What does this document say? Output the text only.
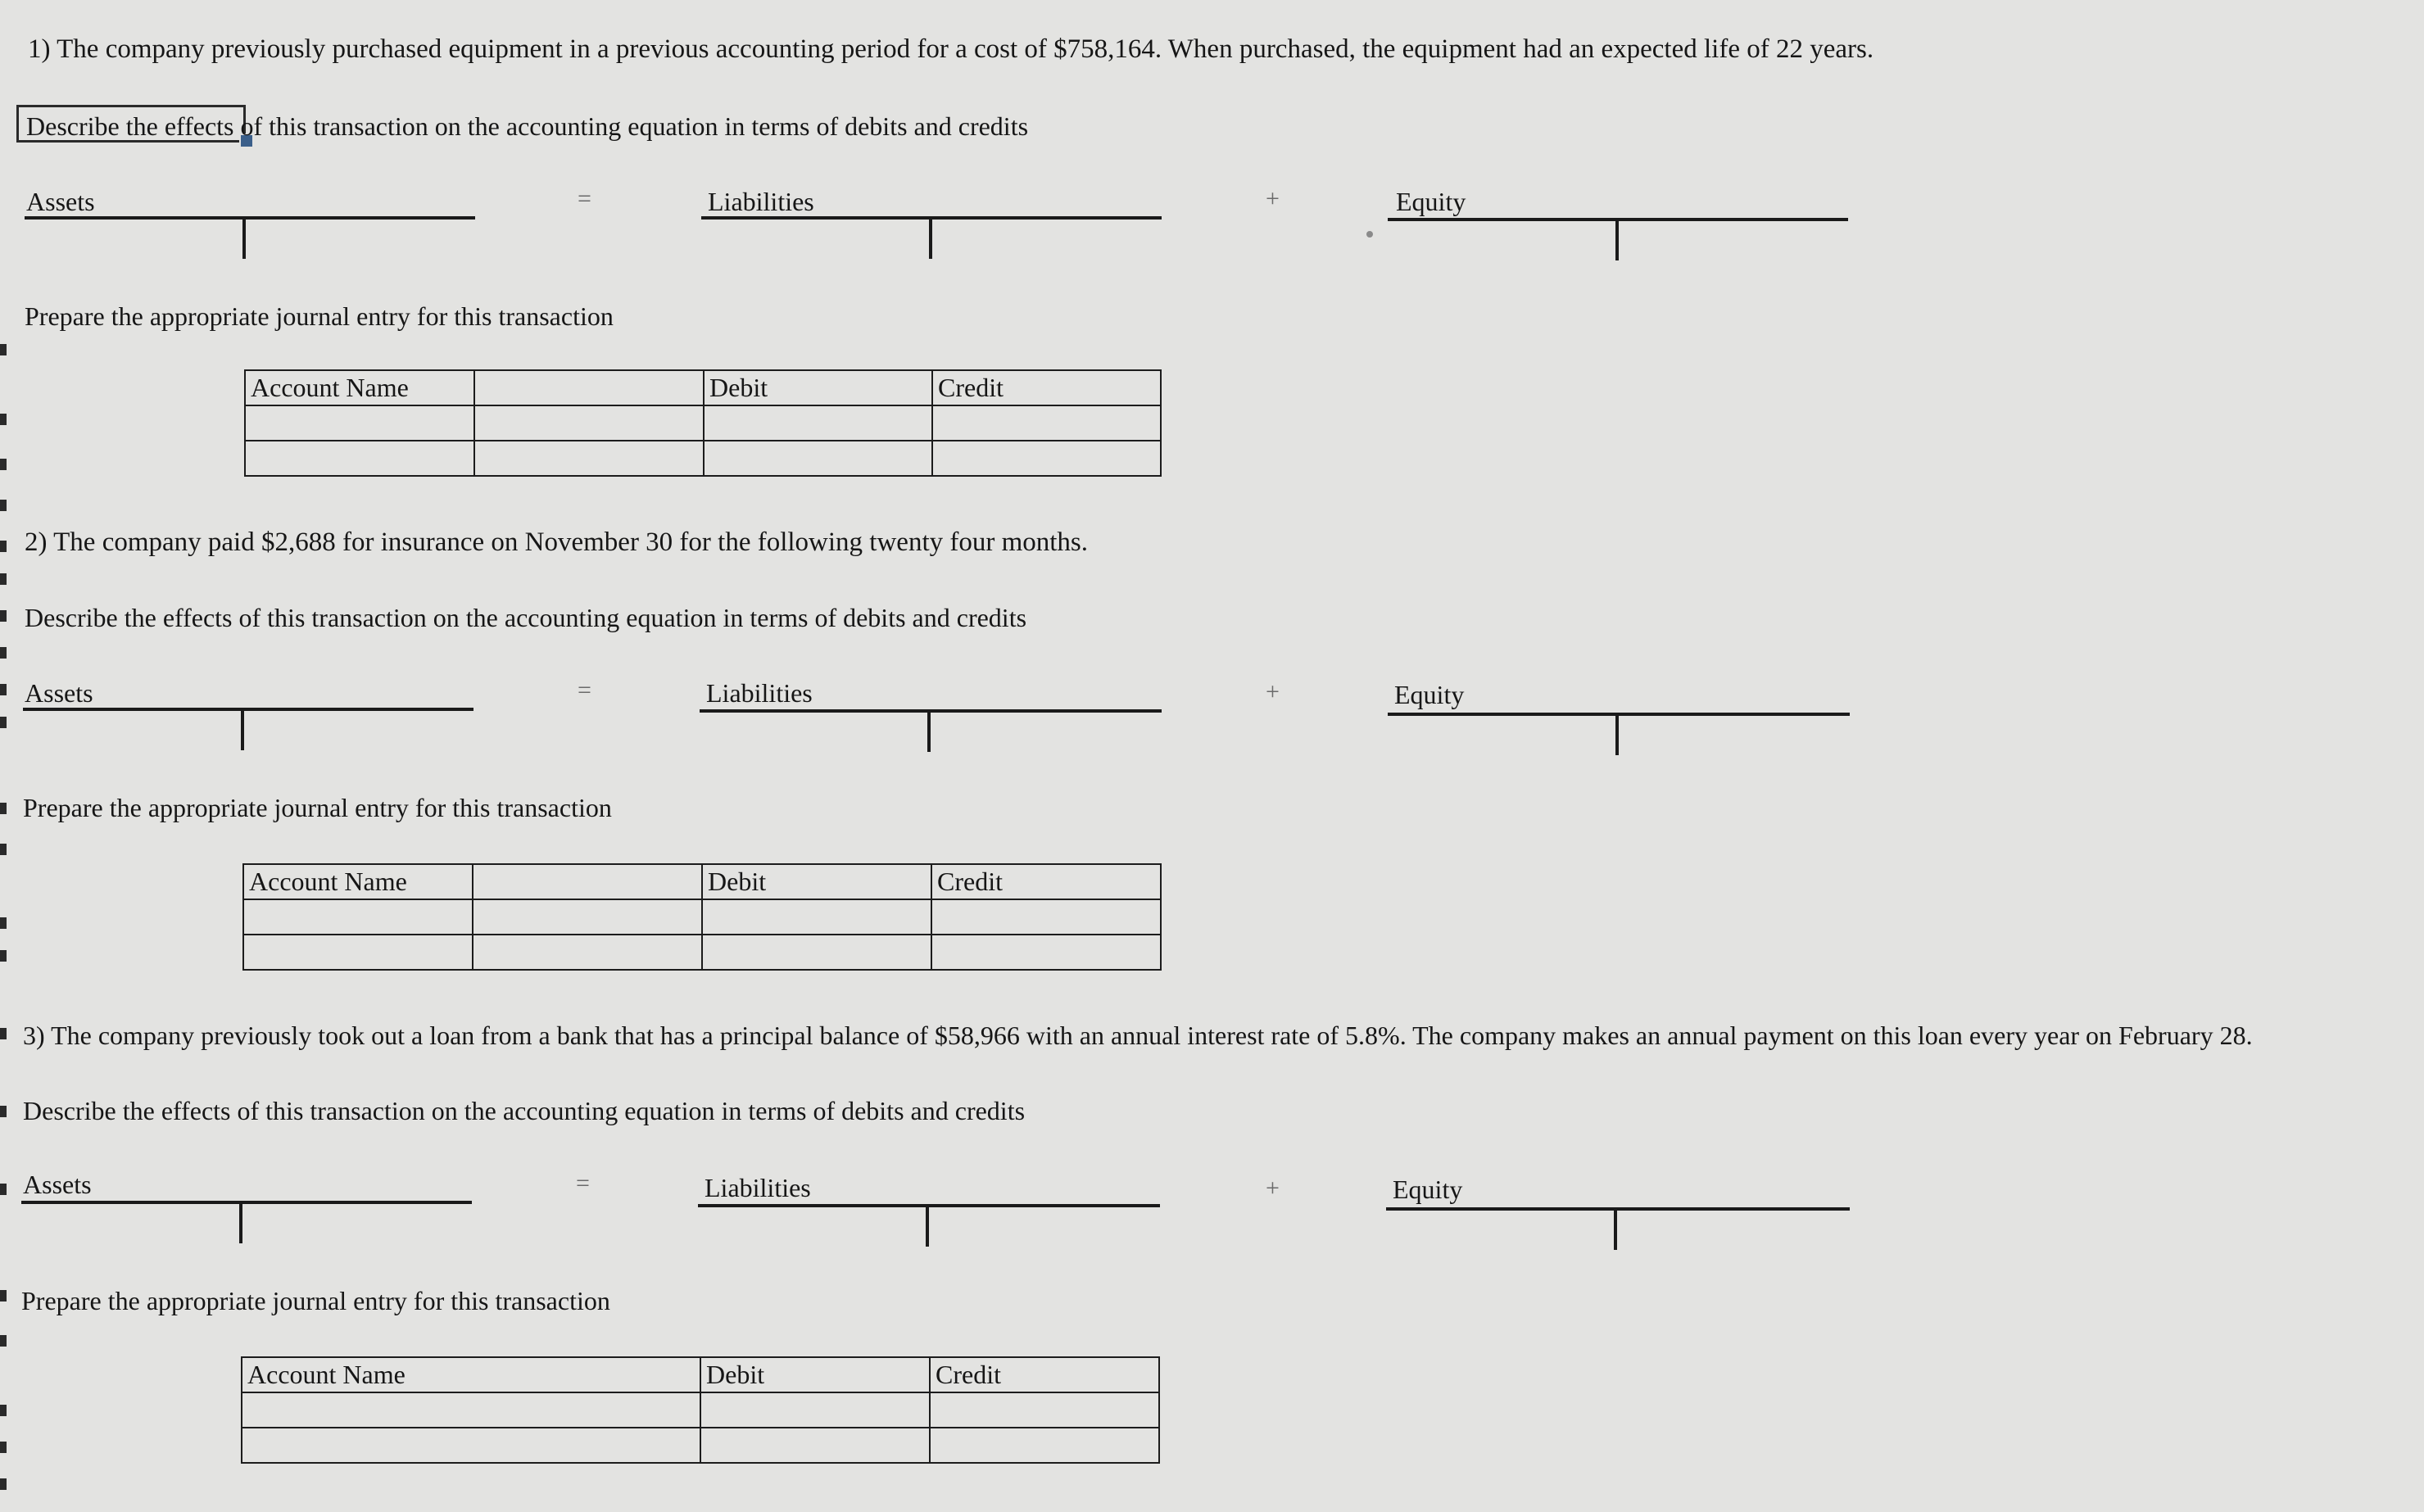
1) The company previously purchased equipment in a previous accounting period for a cost of $758,164. When purchased, the equipment had an expected life of 22 years.
Describe the effects of this transaction on the accounting equation in terms of debits and credits
Assets	=	Liabilities	+	Equity
Prepare the appropriate journal entry for this transaction
Account Name		Debit	Credit

2) The company paid $2,688 for insurance on November 30 for the following twenty four months.
Describe the effects of this transaction on the accounting equation in terms of debits and credits
Assets	=	Liabilities	+	Equity
Prepare the appropriate journal entry for this transaction
Account Name		Debit	Credit

3) The company previously took out a loan from a bank that has a principal balance of $58,966 with an annual interest rate of 5.8%. The company makes an annual payment on this loan every year on February 28.
Describe the effects of this transaction on the accounting equation in terms of debits and credits
Assets	=	Liabilities	+	Equity
Prepare the appropriate journal entry for this transaction
Account Name	Debit	Credit
